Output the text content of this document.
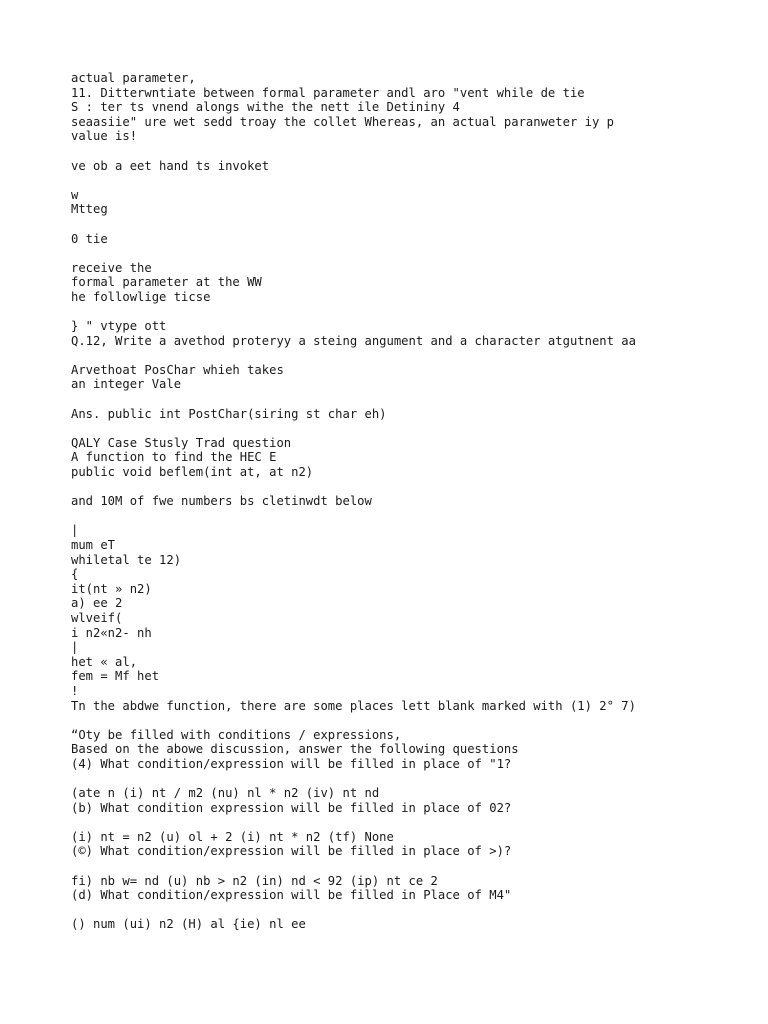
actual parameter,
11. Ditterwntiate between formal parameter andl aro "vent while de tie
S : ter ts vnend alongs withe the nett ile Detininy 4
seaasiie" ure wet sedd troay the collet Whereas, an actual paranweter iy p
value is!
ve ob a eet hand ts invoket
w
Mtteg
0 tie
receive the
formal parameter at the WW
he followlige ticse
} " vtype ott
Q.12, Write a avethod proteryy a steing angument and a character atgutnent aa
Arvethoat PosChar whieh takes
an integer Vale
Ans. public int PostChar(siring st char eh)
QALY Case Stusly Trad question
A function to find the HEC E
public void beflem(int at, at n2)
and 10M of fwe numbers bs cletinwdt below
|
mum eT
whiletal te 12)
{
it(nt » n2)
a) ee 2
wlveif(
i n2«n2- nh
|
het « al,
fem = Mf het
!
Tn the abdwe function, there are some places lett blank marked with (1) 2° 7)
“Oty be filled with conditions / expressions,
Based on the abowe discussion, answer the following questions
(4) What condition/expression will be filled in place of "1?
(ate n (i) nt / m2 (nu) nl * n2 (iv) nt nd
(b) What condition expression will be filled in place of 02?
(i) nt = n2 (u) ol + 2 (i) nt * n2 (tf) None
(©) What condition/expression will be filled in place of >)?
fi) nb w= nd (u) nb > n2 (in) nd < 92 (ip) nt ce 2
(d) What condition/expression will be filled in Place of M4"
() num (ui) n2 (H) al {ie) nl ee
